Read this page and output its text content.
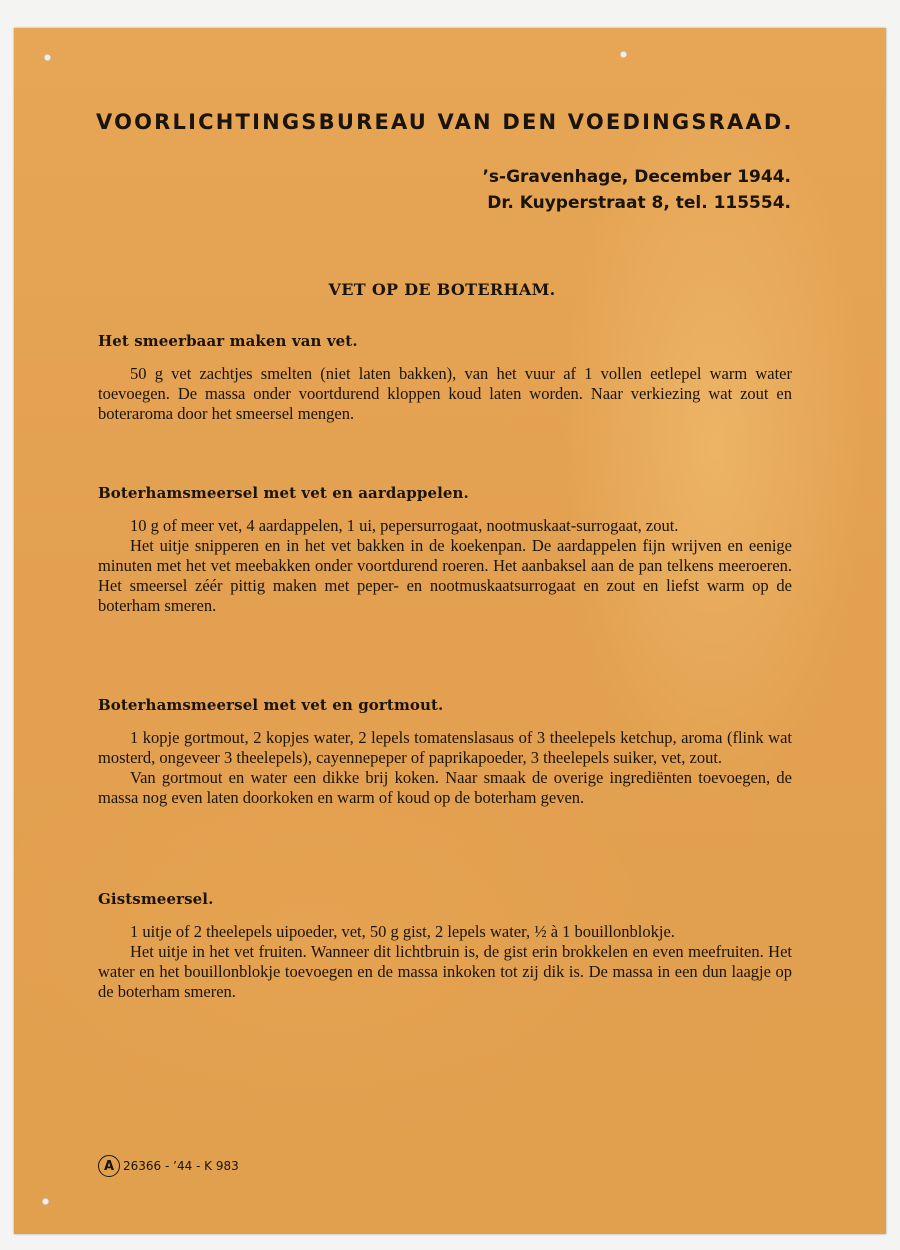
VOORLICHTINGSBUREAU VAN DEN VOEDINGSRAAD.
’s-Gravenhage, December 1944.
Dr. Kuyperstraat 8, tel. 115554.
VET OP DE BOTERHAM.
Het smeerbaar maken van vet.

50 g vet zachtjes smelten (niet laten bakken), van het vuur af 1 vollen eetlepel warm water toevoegen. De massa onder voortdurend kloppen koud laten worden. Naar verkiezing wat zout en boteraroma door het smeersel mengen.

Boterhamsmeersel met vet en aardappelen.

10 g of meer vet, 4 aardappelen, 1 ui, pepersurrogaat, nootmuskaat-surrogaat, zout.

Het uitje snipperen en in het vet bakken in de koekenpan. De aardappelen fijn wrijven en eenige minuten met het vet meebakken onder voortdurend roeren. Het aanbaksel aan de pan telkens meeroeren. Het smeersel zéér pittig maken met peper- en nootmuskaatsurrogaat en zout en liefst warm op de boterham smeren.

Boterhamsmeersel met vet en gortmout.

1 kopje gortmout, 2 kopjes water, 2 lepels tomatenslasaus of 3 theelepels ketchup, aroma (flink wat mosterd, ongeveer 3 theelepels), cayennepeper of paprikapoeder, 3 theelepels suiker, vet, zout.

Van gortmout en water een dikke brij koken. Naar smaak de overige ingrediënten toevoegen, de massa nog even laten doorkoken en warm of koud op de boterham geven.

Gistsmeersel.

1 uitje of 2 theelepels uipoeder, vet, 50 g gist, 2 lepels water, ½ à 1 bouillonblokje.

Het uitje in het vet fruiten. Wanneer dit lichtbruin is, de gist erin brokkelen en even meefruiten. Het water en het bouillonblokje toevoegen en de massa inkoken tot zij dik is. De massa in een dun laagje op de boterham smeren.

A 26366 - ’44 - K 983
